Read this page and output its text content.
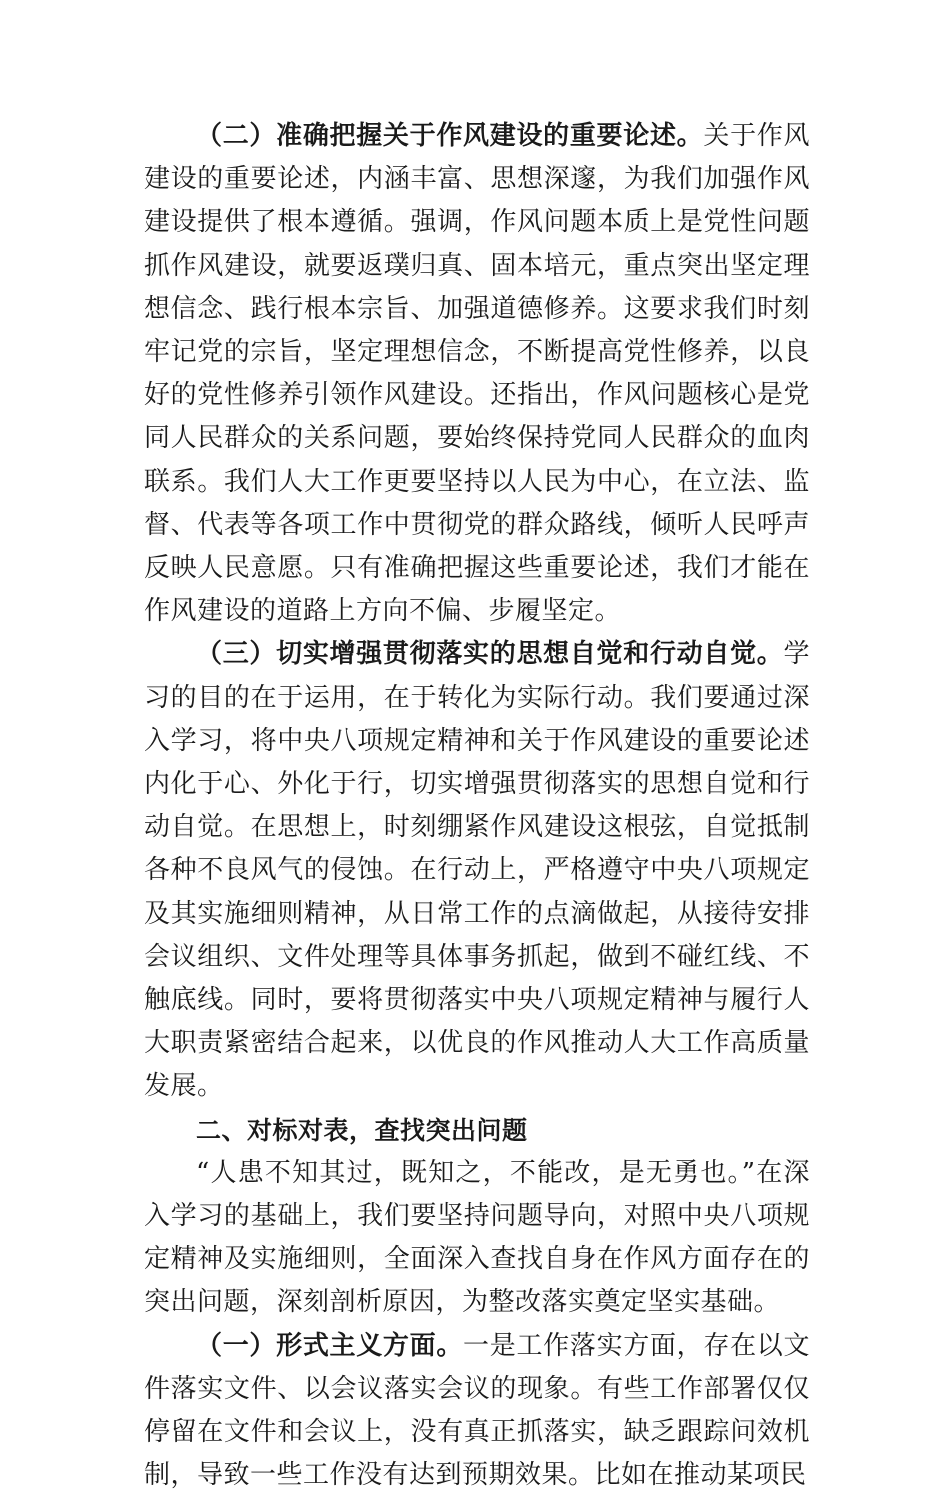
（二）准确把握关于作风建设的重要论述。关于作风建设的重要论述，内涵丰富、思想深邃，为我们加强作风建设提供了根本遵循。强调，作风问题本质上是党性问题抓作风建设，就要返璞归真、固本培元，重点突出坚定理想信念、践行根本宗旨、加强道德修养。这要求我们时刻牢记党的宗旨，坚定理想信念，不断提高党性修养，以良好的党性修养引领作风建设。还指出，作风问题核心是党同人民群众的关系问题，要始终保持党同人民群众的血肉联系。我们人大工作更要坚持以人民为中心，在立法、监督、代表等各项工作中贯彻党的群众路线，倾听人民呼声反映人民意愿。只有准确把握这些重要论述，我们才能在作风建设的道路上方向不偏、步履坚定。

（三）切实增强贯彻落实的思想自觉和行动自觉。学习的目的在于运用，在于转化为实际行动。我们要通过深入学习，将中央八项规定精神和关于作风建设的重要论述内化于心、外化于行，切实增强贯彻落实的思想自觉和行动自觉。在思想上，时刻绷紧作风建设这根弦，自觉抵制各种不良风气的侵蚀。在行动上，严格遵守中央八项规定及其实施细则精神，从日常工作的点滴做起，从接待安排会议组织、文件处理等具体事务抓起，做到不碰红线、不触底线。同时，要将贯彻落实中央八项规定精神与履行人大职责紧密结合起来，以优良的作风推动人大工作高质量发展。

二、对标对表，查找突出问题

“人患不知其过，既知之，不能改，是无勇也。”在深入学习的基础上，我们要坚持问题导向，对照中央八项规定精神及实施细则，全面深入查找自身在作风方面存在的突出问题，深刻剖析原因，为整改落实奠定坚实基础。

（一）形式主义方面。一是工作落实方面，存在以文件落实文件、以会议落实会议的现象。有些工作部署仅仅停留在文件和会议上，没有真正抓落实，缺乏跟踪问效机制，导致一些工作没有达到预期效果。比如在推动某项民
